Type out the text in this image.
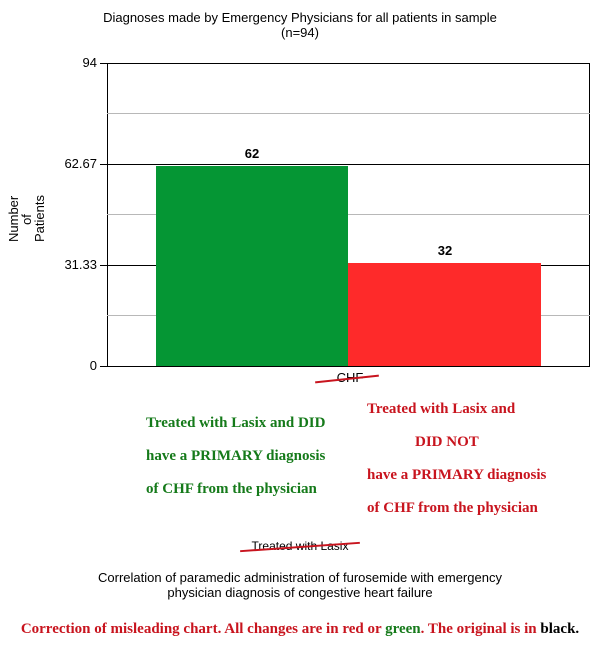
Diagnoses made by Emergency Physicians for all patients in sample
(n=94)
94
62.67
31.33
0
Number
of
Patients
62
32
CHF
Treated with Lasix and DID
have a PRIMARY diagnosis
of CHF from the physician
Treated with Lasix and
DID NOT
have a PRIMARY diagnosis
of CHF from the physician
Treated with Lasix
Correlation of paramedic administration of furosemide with emergency
physician diagnosis of congestive heart failure
Correction of misleading chart. All changes are in red or green. The original is in black.
